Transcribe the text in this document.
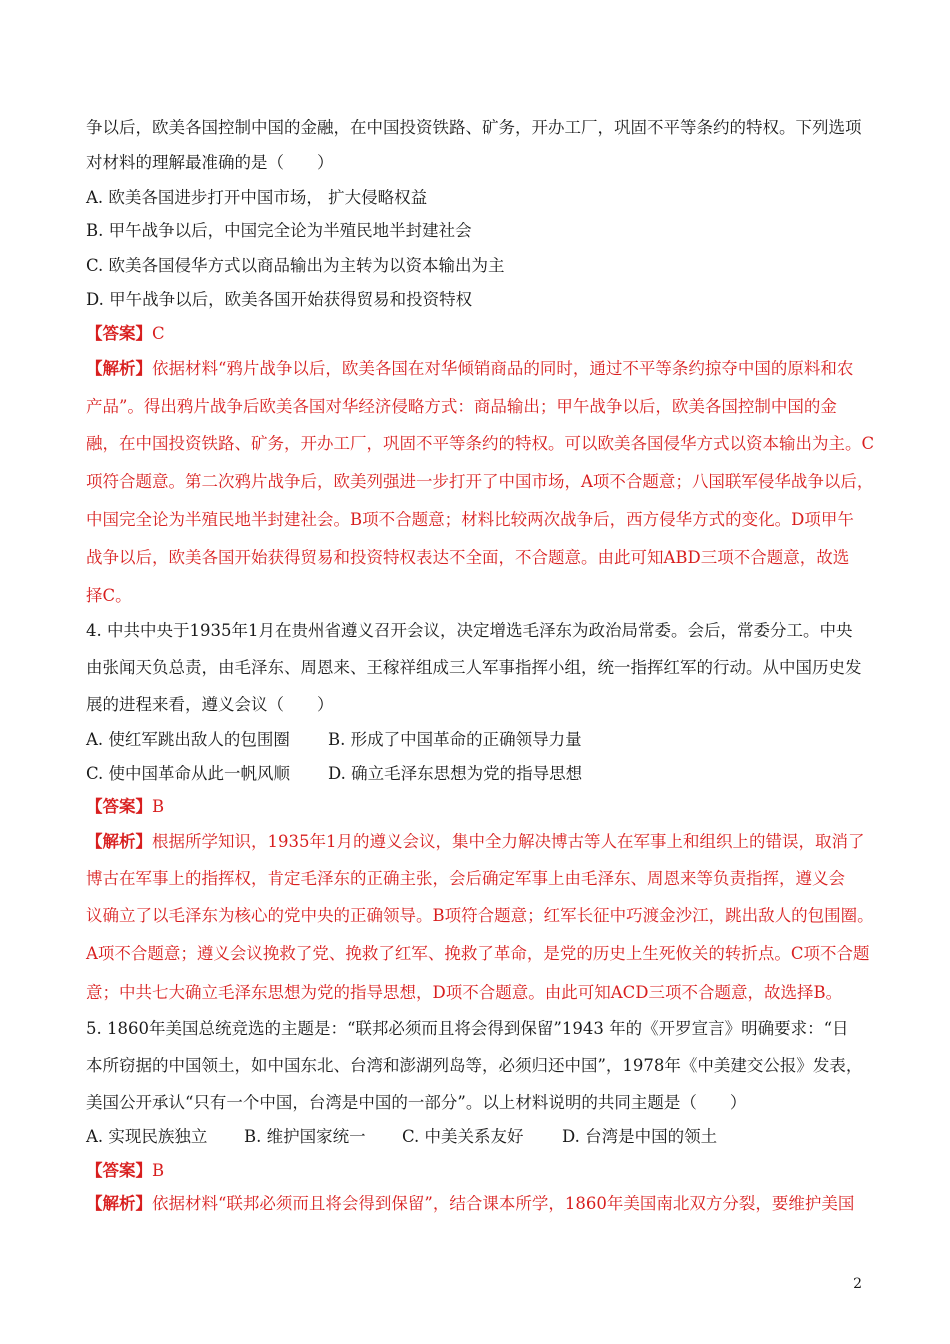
争以后，欧美各国控制中国的金融，在中国投资铁路、矿务，开办工厂，巩固不平等条约的特权。下列选项
对材料的理解最准确的是（　　）
A. 欧美各国进步打开中国市场， 扩大侵略权益
B. 甲午战争以后，中国完全论为半殖民地半封建社会
C. 欧美各国侵华方式以商品输出为主转为以资本输出为主
D. 甲午战争以后，欧美各国开始获得贸易和投资特权
【答案】C
【解析】依据材料“鸦片战争以后，欧美各国在对华倾销商品的同时，通过不平等条约掠夺中国的原料和农
产品”。得出鸦片战争后欧美各国对华经济侵略方式：商品输出；甲午战争以后，欧美各国控制中国的金
融，在中国投资铁路、矿务，开办工厂，巩固不平等条约的特权。可以欧美各国侵华方式以资本输出为主。C
项符合题意。第二次鸦片战争后，欧美列强进一步打开了中国市场，A项不合题意；八国联军侵华战争以后，
中国完全论为半殖民地半封建社会。B项不合题意；材料比较两次战争后，西方侵华方式的变化。D项甲午
战争以后，欧美各国开始获得贸易和投资特权表达不全面，不合题意。由此可知ABD三项不合题意，故选
择C。
4. 中共中央于1935年1月在贵州省遵义召开会议，决定增选毛泽东为政治局常委。会后，常委分工。中央
由张闻天负总责，由毛泽东、周恩来、王稼祥组成三人军事指挥小组，统一指挥红军的行动。从中国历史发
展的进程来看，遵义会议（　　）
A. 使红军跳出敌人的包围圈 B. 形成了中国革命的正确领导力量
C. 使中国革命从此一帆风顺 D. 确立毛泽东思想为党的指导思想
【答案】B
【解析】根据所学知识，1935年1月的遵义会议，集中全力解决博古等人在军事上和组织上的错误，取消了
博古在军事上的指挥权，肯定毛泽东的正确主张，会后确定军事上由毛泽东、周恩来等负责指挥，遵义会
议确立了以毛泽东为核心的党中央的正确领导。B项符合题意；红军长征中巧渡金沙江，跳出敌人的包围圈。
A项不合题意；遵义会议挽救了党、挽救了红军、挽救了革命，是党的历史上生死攸关的转折点。C项不合题
意；中共七大确立毛泽东思想为党的指导思想，D项不合题意。由此可知ACD三项不合题意，故选择B。
5. 1860年美国总统竞选的主题是：“联邦必须而且将会得到保留”1943 年的《开罗宣言》明确要求：“日
本所窃据的中国领土，如中国东北、台湾和澎湖列岛等，必须归还中国”，1978年《中美建交公报》发表，
美国公开承认“只有一个中国，台湾是中国的一部分”。以上材料说明的共同主题是（　　）
A. 实现民族独立 B. 维护国家统一 C. 中美关系友好 D. 台湾是中国的领土
【答案】B
【解析】依据材料“联邦必须而且将会得到保留”，结合课本所学，1860年美国南北双方分裂，要维护美国
2
